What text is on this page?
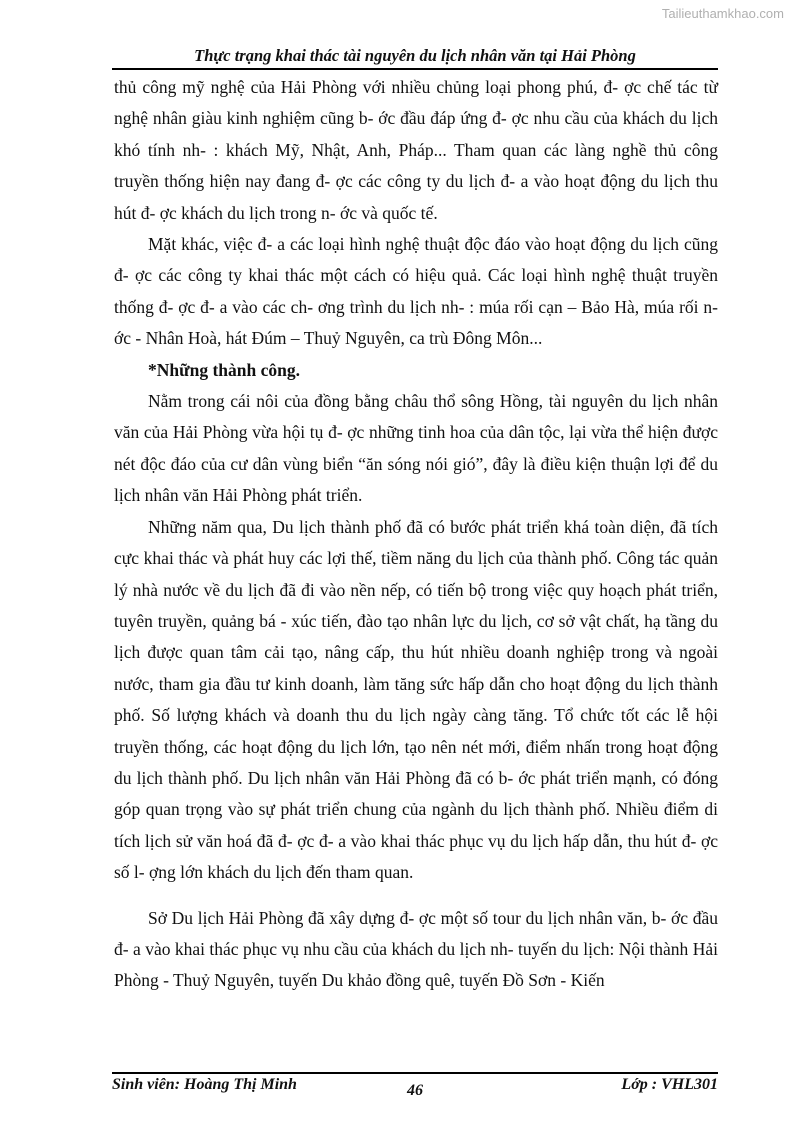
Tailieuthamkhao.com
Thực trạng khai thác tài nguyên du lịch nhân văn tại Hải Phòng

thủ công mỹ nghệ của Hải Phòng với nhiều chủng loại phong phú, đ- ợc chế tác từ nghệ nhân giàu kinh nghiệm cũng b- ớc đầu đáp ứng đ- ợc nhu cầu của khách du lịch khó tính nh- : khách Mỹ, Nhật, Anh, Pháp... Tham quan các làng nghề thủ công truyền thống hiện nay đang đ- ợc các công ty du lịch đ- a vào hoạt động du lịch thu hút đ- ợc khách du lịch trong n- ớc và quốc tế.

Mặt khác, việc đ- a các loại hình nghệ thuật độc đáo vào hoạt động du lịch cũng đ- ợc các công ty khai thác một cách có hiệu quả. Các loại hình nghệ thuật truyền thống đ- ợc đ- a vào các ch- ơng trình du lịch nh- : múa rối cạn – Bảo Hà, múa rối n- ớc - Nhân Hoà, hát Đúm – Thuỷ Nguyên, ca trù Đông Môn...

*Những thành công.

Nằm trong cái nôi của đồng bằng châu thổ sông Hồng, tài nguyên du lịch nhân văn của Hải Phòng vừa hội tụ đ- ợc những tinh hoa của dân tộc, lại vừa thể hiện được nét độc đáo của cư dân vùng biển “ăn sóng nói gió”, đây là điều kiện thuận lợi để du lịch nhân văn Hải Phòng phát triển.

Những năm qua, Du lịch thành phố đã có bước phát triển khá toàn diện, đã tích cực khai thác và phát huy các lợi thế, tiềm năng du lịch của thành phố. Công tác quản lý nhà nước về du lịch đã đi vào nền nếp, có tiến bộ trong việc quy hoạch phát triển, tuyên truyền, quảng bá - xúc tiến, đào tạo nhân lực du lịch, cơ sở vật chất, hạ tầng du lịch được quan tâm cải tạo, nâng cấp, thu hút nhiều doanh nghiệp trong và ngoài nước, tham gia đầu tư kinh doanh, làm tăng sức hấp dẫn cho hoạt động du lịch thành phố. Số lượng khách và doanh thu du lịch ngày càng tăng. Tổ chức tốt các lễ hội truyền thống, các hoạt động du lịch lớn, tạo nên nét mới, điểm nhấn trong hoạt động du lịch thành phố. Du lịch nhân văn Hải Phòng đã có b- ớc phát triển mạnh, có đóng góp quan trọng vào sự phát triển chung của ngành du lịch thành phố. Nhiều điểm di tích lịch sử văn hoá đã đ- ợc đ- a vào khai thác phục vụ du lịch hấp dẫn, thu hút đ- ợc số l- ợng lớn khách du lịch đến tham quan.

Sở Du lịch Hải Phòng đã xây dựng đ- ợc một số tour du lịch nhân văn, b- ớc đầu đ- a vào khai thác phục vụ nhu cầu của khách du lịch nh- tuyến du lịch: Nội thành Hải Phòng - Thuỷ Nguyên, tuyến Du khảo đồng quê, tuyến Đồ Sơn - Kiến

Sinh viên: Hoàng Thị Minh	46	Lớp : VHL301
